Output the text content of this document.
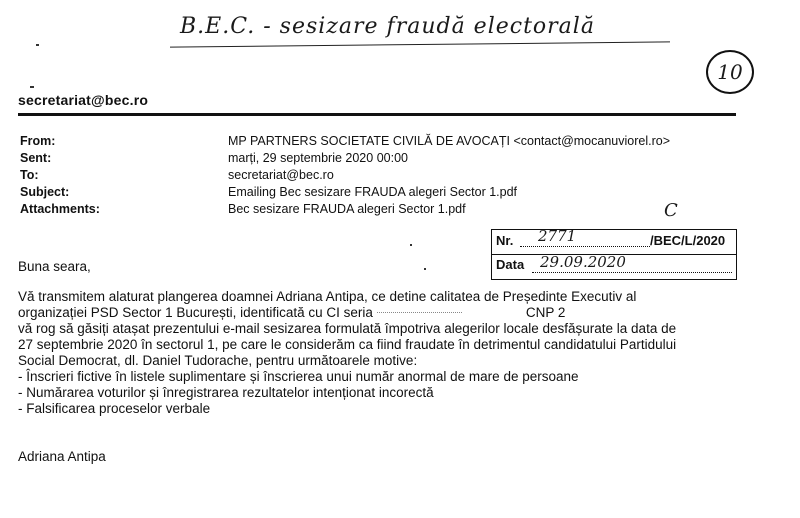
B.E.C. - sesizare fraudă electorală
10
C
secretariat@bec.ro
From:	MP PARTNERS SOCIETATE CIVILĂ DE AVOCAȚI <contact@mocanuviorel.ro>
Sent:	marți, 29 septembrie 2020 00:00
To:	secretariat@bec.ro
Subject:	Emailing Bec sesizare FRAUDA alegeri Sector 1.pdf
Attachments:	Bec sesizare FRAUDA alegeri Sector 1.pdf
Nr. 2771	/BEC/L/2020
Data 29.09.2020
Buna seara,
Vă transmitem alaturat plangerea doamnei Adriana Antipa, ce detine calitatea de Președinte Executiv al
organizației PSD Sector 1 București, identificată cu CI seria	CNP 2
vă rog să găsiți atașat prezentului e-mail sesizarea formulată împotriva alegerilor locale desfășurate la data de
27 septembrie 2020 în sectorul 1, pe care le considerăm ca fiind fraudate în detrimentul candidatului Partidului
Social Democrat, dl. Daniel Tudorache, pentru următoarele motive:
- Înscrieri fictive în listele suplimentare și înscrierea unui număr anormal de mare de persoane
- Numărarea voturilor și înregistrarea rezultatelor intenționat incorectă
- Falsificarea proceselor verbale
Adriana Antipa
